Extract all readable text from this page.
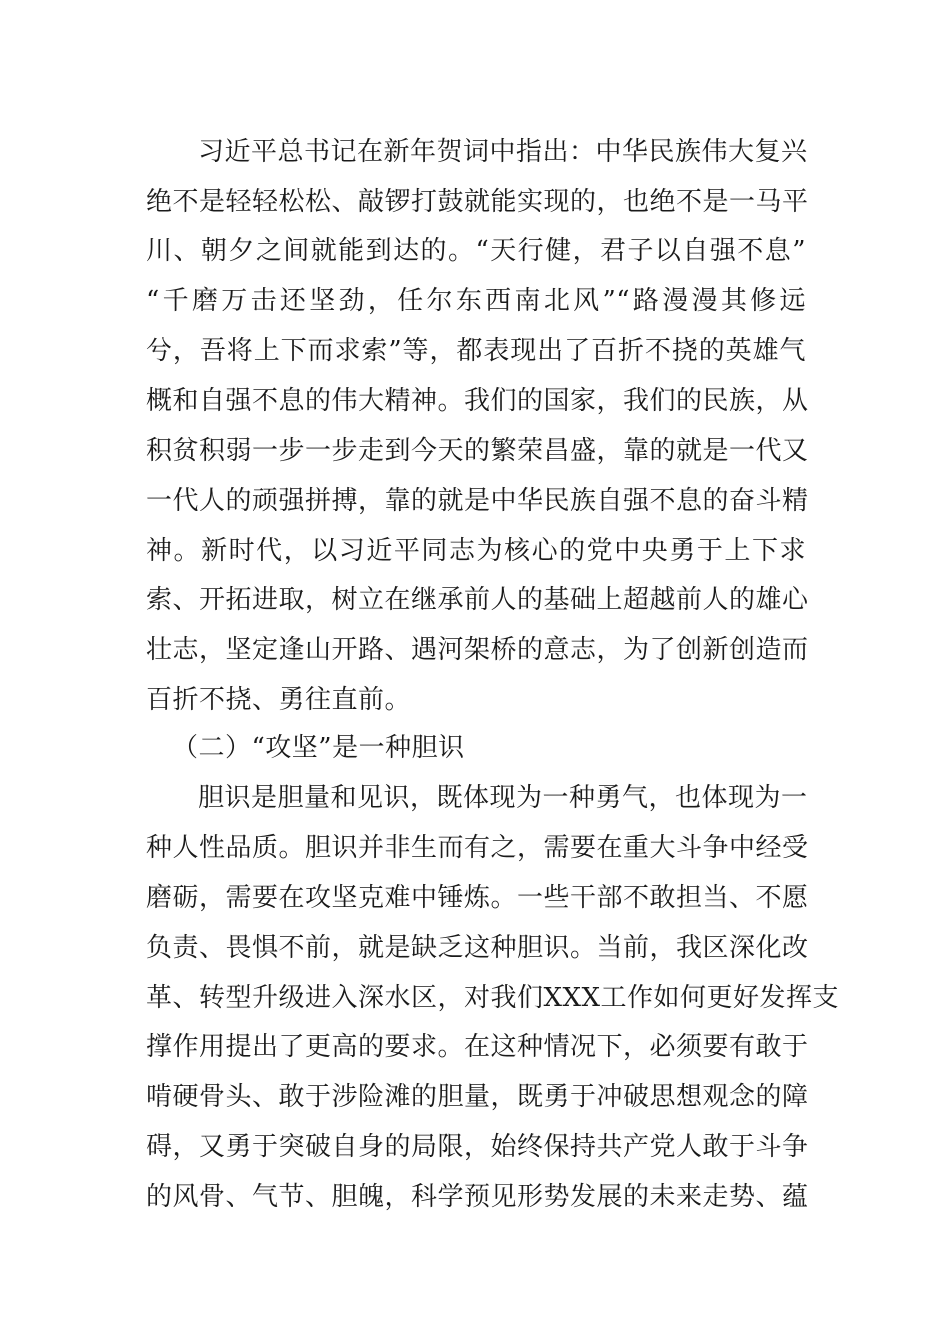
习近平总书记在新年贺词中指出：中华民族伟大复兴
绝不是轻轻松松、敲锣打鼓就能实现的，也绝不是一马平
川、朝夕之间就能到达的。“天行健，君子以自强不息”
“千磨万击还坚劲，任尔东西南北风”“路漫漫其修远
兮，吾将上下而求索”等，都表现出了百折不挠的英雄气
概和自强不息的伟大精神。我们的国家，我们的民族，从
积贫积弱一步一步走到今天的繁荣昌盛，靠的就是一代又
一代人的顽强拼搏，靠的就是中华民族自强不息的奋斗精
神。新时代，以习近平同志为核心的党中央勇于上下求
索、开拓进取，树立在继承前人的基础上超越前人的雄心
壮志，坚定逢山开路、遇河架桥的意志，为了创新创造而
百折不挠、勇往直前。
（二）“攻坚”是一种胆识
胆识是胆量和见识，既体现为一种勇气，也体现为一
种人性品质。胆识并非生而有之，需要在重大斗争中经受
磨砺，需要在攻坚克难中锤炼。一些干部不敢担当、不愿
负责、畏惧不前，就是缺乏这种胆识。当前，我区深化改
革、转型升级进入深水区，对我们XXX工作如何更好发挥支
撑作用提出了更高的要求。在这种情况下，必须要有敢于
啃硬骨头、敢于涉险滩的胆量，既勇于冲破思想观念的障
碍，又勇于突破自身的局限，始终保持共产党人敢于斗争
的风骨、气节、胆魄，科学预见形势发展的未来走势、蕴
